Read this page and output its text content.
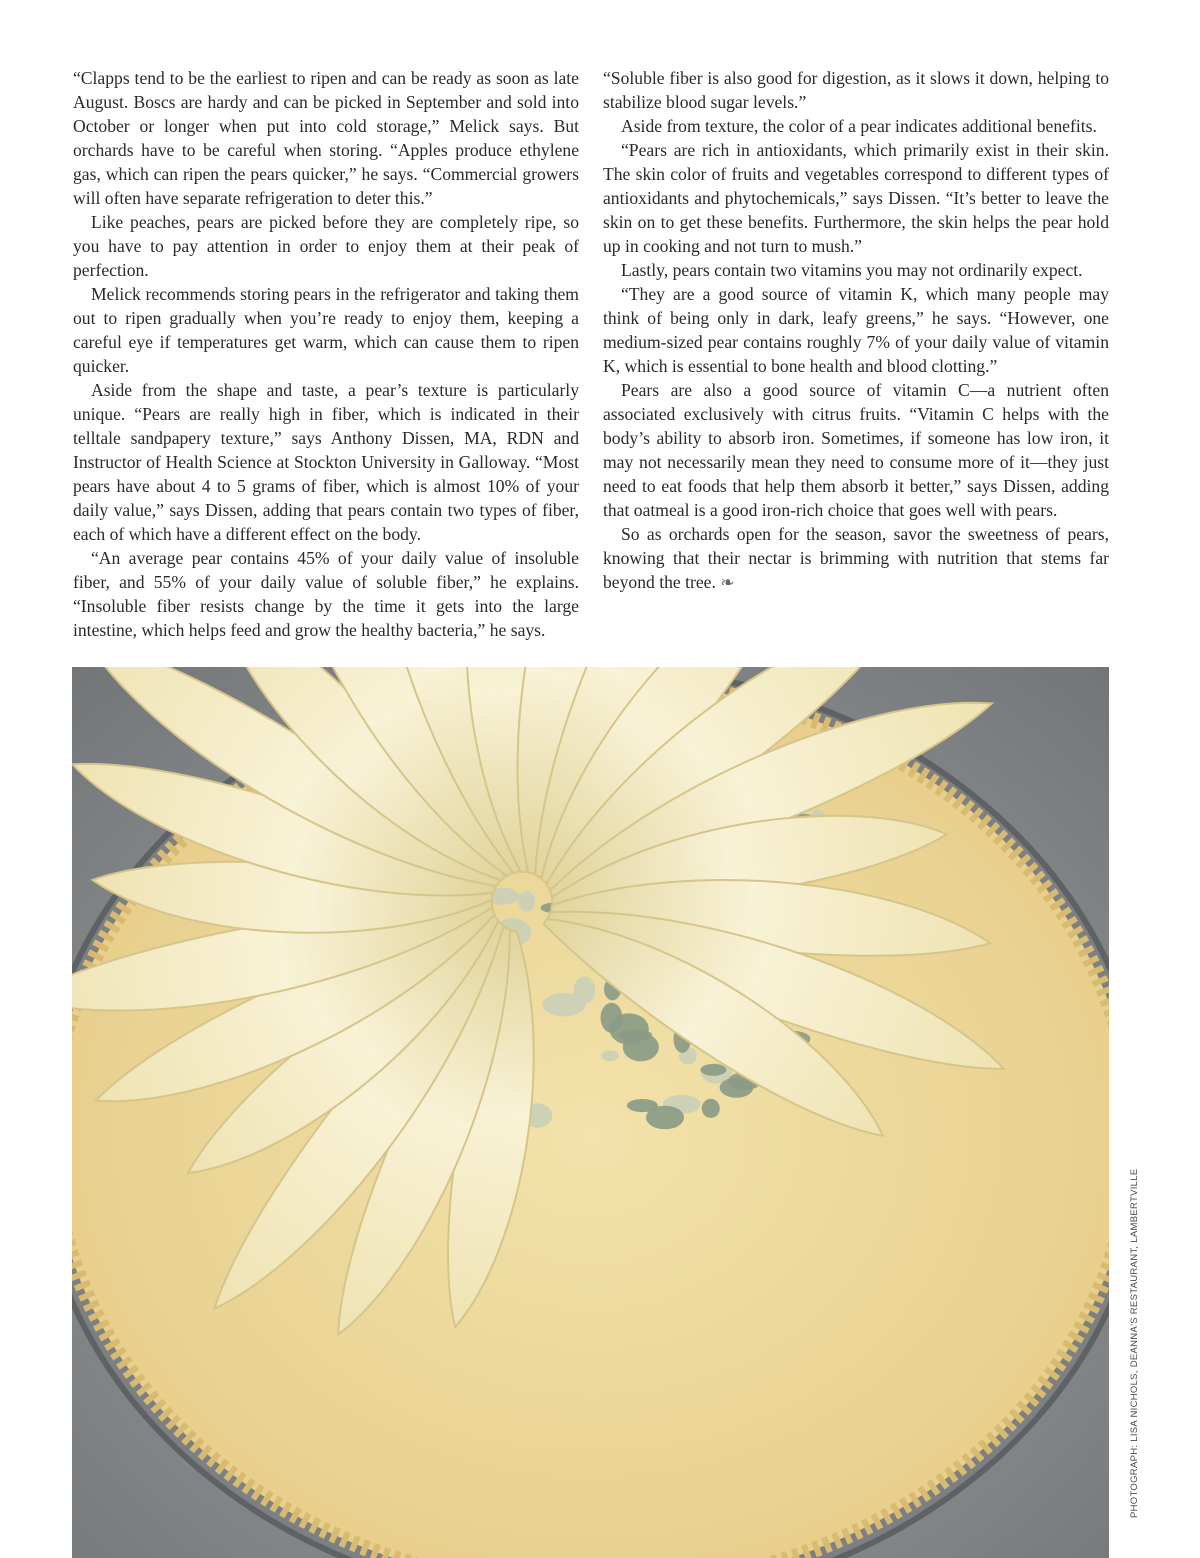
“Clapps tend to be the earliest to ripen and can be ready as soon as late August. Boscs are hardy and can be picked in September and sold into October or longer when put into cold storage,” Melick says. But orchards have to be careful when storing. “Apples produce ethylene gas, which can ripen the pears quicker,” he says. “Commercial growers will often have separate refrigeration to deter this.”

Like peaches, pears are picked before they are completely ripe, so you have to pay attention in order to enjoy them at their peak of perfection.

Melick recommends storing pears in the refrigerator and taking them out to ripen gradually when you’re ready to enjoy them, keeping a careful eye if temperatures get warm, which can cause them to ripen quicker.

Aside from the shape and taste, a pear’s texture is particularly unique. “Pears are really high in fiber, which is indicated in their telltale sandpapery texture,” says Anthony Dissen, MA, RDN and Instructor of Health Science at Stockton University in Galloway. “Most pears have about 4 to 5 grams of fiber, which is almost 10% of your daily value,” says Dissen, adding that pears contain two types of fiber, each of which have a different effect on the body.

“An average pear contains 45% of your daily value of insoluble fiber, and 55% of your daily value of soluble fiber,” he explains. “Insoluble fiber resists change by the time it gets into the large intestine, which helps feed and grow the healthy bacteria,” he says.

“Soluble fiber is also good for digestion, as it slows it down, helping to stabilize blood sugar levels.”

Aside from texture, the color of a pear indicates additional benefits.

“Pears are rich in antioxidants, which primarily exist in their skin. The skin color of fruits and vegetables correspond to different types of antioxidants and phytochemicals,” says Dissen. “It’s better to leave the skin on to get these benefits. Furthermore, the skin helps the pear hold up in cooking and not turn to mush.”

Lastly, pears contain two vitamins you may not ordinarily expect.

“They are a good source of vitamin K, which many people may think of being only in dark, leafy greens,” he says. “However, one medium-sized pear contains roughly 7% of your daily value of vitamin K, which is essential to bone health and blood clotting.”

Pears are also a good source of vitamin C—a nutrient often associated exclusively with citrus fruits. “Vitamin C helps with the body’s ability to absorb iron. Sometimes, if someone has low iron, it may not necessarily mean they need to consume more of it—they just need to eat foods that help them absorb it better,” says Dissen, adding that oatmeal is a good iron-rich choice that goes well with pears.

So as orchards open for the season, savor the sweetness of pears, knowing that their nectar is brimming with nutrition that stems far beyond the tree. ❧

PHOTOGRAPH: LISA NICHOLS, DEANNA'S RESTAURANT, LAMBERTVILLE
